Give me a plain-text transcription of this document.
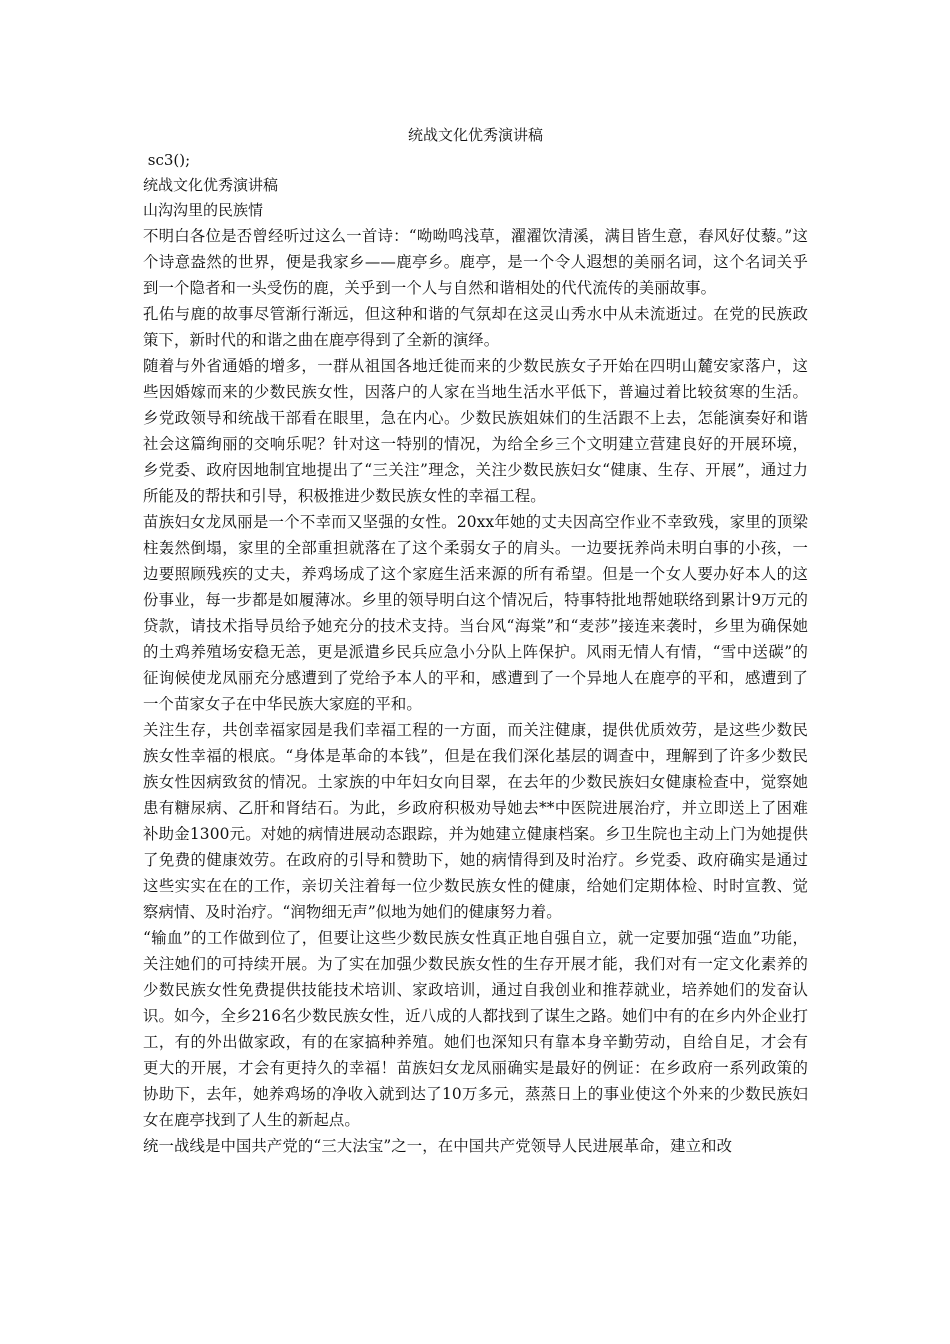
统战文化优秀演讲稿

sc3();

统战文化优秀演讲稿

山沟沟里的民族情

不明白各位是否曾经听过这么一首诗：“呦呦鸣浅草，濯濯饮清溪，满目皆生意，春风好仗藜。”这个诗意盎然的世界，便是我家乡——鹿亭乡。鹿亭，是一个令人遐想的美丽名词，这个名词关乎到一个隐者和一头受伤的鹿，关乎到一个人与自然和谐相处的代代流传的美丽故事。

孔佑与鹿的故事尽管渐行渐远，但这种和谐的气氛却在这灵山秀水中从未流逝过。在党的民族政策下，新时代的和谐之曲在鹿亭得到了全新的演绎。

随着与外省通婚的增多，一群从祖国各地迁徙而来的少数民族女子开始在四明山麓安家落户，这些因婚嫁而来的少数民族女性，因落户的人家在当地生活水平低下，普遍过着比较贫寒的生活。乡党政领导和统战干部看在眼里，急在内心。少数民族姐妹们的生活跟不上去，怎能演奏好和谐社会这篇绚丽的交响乐呢？针对这一特别的情况，为给全乡三个文明建立营建良好的开展环境，乡党委、政府因地制宜地提出了“三关注”理念，关注少数民族妇女“健康、生存、开展”，通过力所能及的帮扶和引导，积极推进少数民族女性的幸福工程。

苗族妇女龙凤丽是一个不幸而又坚强的女性。20xx年她的丈夫因高空作业不幸致残，家里的顶梁柱轰然倒塌，家里的全部重担就落在了这个柔弱女子的肩头。一边要抚养尚未明白事的小孩，一边要照顾残疾的丈夫，养鸡场成了这个家庭生活来源的所有希望。但是一个女人要办好本人的这份事业，每一步都是如履薄冰。乡里的领导明白这个情况后，特事特批地帮她联络到累计9万元的贷款，请技术指导员给予她充分的技术支持。当台风“海棠”和“麦莎”接连来袭时，乡里为确保她的土鸡养殖场安稳无恙，更是派遣乡民兵应急小分队上阵保护。风雨无情人有情，“雪中送碳”的征询候使龙凤丽充分感遭到了党给予本人的平和，感遭到了一个异地人在鹿亭的平和，感遭到了一个苗家女子在中华民族大家庭的平和。

关注生存，共创幸福家园是我们幸福工程的一方面，而关注健康，提供优质效劳，是这些少数民族女性幸福的根底。“身体是革命的本钱”，但是在我们深化基层的调查中，理解到了许多少数民族女性因病致贫的情况。土家族的中年妇女向目翠，在去年的少数民族妇女健康检查中，觉察她患有糖尿病、乙肝和肾结石。为此，乡政府积极劝导她去**中医院进展治疗，并立即送上了困难补助金1300元。对她的病情进展动态跟踪，并为她建立健康档案。乡卫生院也主动上门为她提供了免费的健康效劳。在政府的引导和赞助下，她的病情得到及时治疗。乡党委、政府确实是通过这些实实在在的工作，亲切关注着每一位少数民族女性的健康，给她们定期体检、时时宣教、觉察病情、及时治疗。“润物细无声”似地为她们的健康努力着。

“输血”的工作做到位了，但要让这些少数民族女性真正地自强自立，就一定要加强“造血”功能，关注她们的可持续开展。为了实在加强少数民族女性的生存开展才能，我们对有一定文化素养的少数民族女性免费提供技能技术培训、家政培训，通过自我创业和推荐就业，培养她们的发奋认识。如今，全乡216名少数民族女性，近八成的人都找到了谋生之路。她们中有的在乡内外企业打工，有的外出做家政，有的在家搞种养殖。她们也深知只有靠本身辛勤劳动，自给自足，才会有更大的开展，才会有更持久的幸福！苗族妇女龙凤丽确实是最好的例证：在乡政府一系列政策的协助下，去年，她养鸡场的净收入就到达了10万多元，蒸蒸日上的事业使这个外来的少数民族妇女在鹿亭找到了人生的新起点。

统一战线是中国共产党的“三大法宝”之一，在中国共产党领导人民进展革命，建立和改
